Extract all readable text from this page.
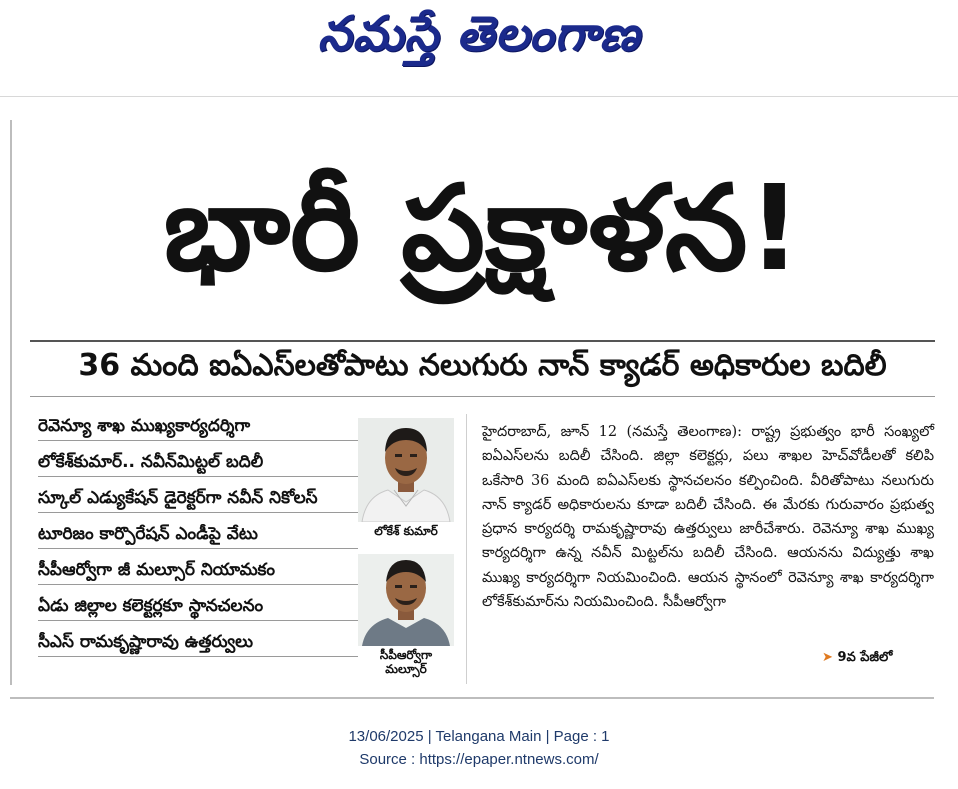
నమస్తే తెలంగాణ
భారీ ప్రక్షాళన!
36 మంది ఐఏఎస్‌లతోపాటు నలుగురు నాన్ క్యాడర్ అధికారుల బదిలీ
రెవెన్యూ శాఖ ముఖ్యకార్యదర్శిగా
లోకేశ్‌కుమార్.. నవీన్‌మిట్టల్ బదిలీ
స్కూల్ ఎడ్యుకేషన్ డైరెక్టర్‌గా నవీన్ నికోలస్
టూరిజం కార్పొరేషన్ ఎండీపై వేటు
సీపీఆర్వోగా జీ మల్సూర్ నియామకం
ఏడు జిల్లాల కలెక్టర్లకూ స్థానచలనం
సీఎస్ రామకృష్ణారావు ఉత్తర్వులు
లోకేశ్ కుమార్
సీపీఆర్వోగా
మల్సూర్
హైదరాబాద్, జూన్ 12 (నమస్తే తెలంగాణ): రాష్ట్ర ప్రభుత్వం భారీ సంఖ్యలో ఐఏఎస్‌లను బదిలీ చేసింది. జిల్లా కలెక్టర్లు, పలు శాఖల హెచ్‌వోడీలతో కలిపి ఒకేసారి 36 మంది ఐఏఎస్‌లకు స్థానచలనం కల్పించింది. వీరితోపాటు నలుగురు నాన్ క్యాడర్ అధికారులను కూడా బదిలీ చేసింది. ఈ మేరకు గురువారం ప్రభుత్వ ప్రధాన కార్యదర్శి రామకృష్ణారావు ఉత్తర్వులు జారీచేశారు. రెవెన్యూ శాఖ ముఖ్య కార్యదర్శిగా ఉన్న నవీన్ మిట్టల్‌ను బదిలీ చేసింది. ఆయనను విద్యుత్తు శాఖ ముఖ్య కార్యదర్శిగా నియమించింది. ఆయన స్థానంలో రెవెన్యూ శాఖ కార్యదర్శిగా లోకేశ్‌కుమార్‌ను నియమించింది. సీపీఆర్వోగా
➤ 9వ పేజీలో
13/06/2025 | Telangana Main | Page : 1
Source : https://epaper.ntnews.com/
